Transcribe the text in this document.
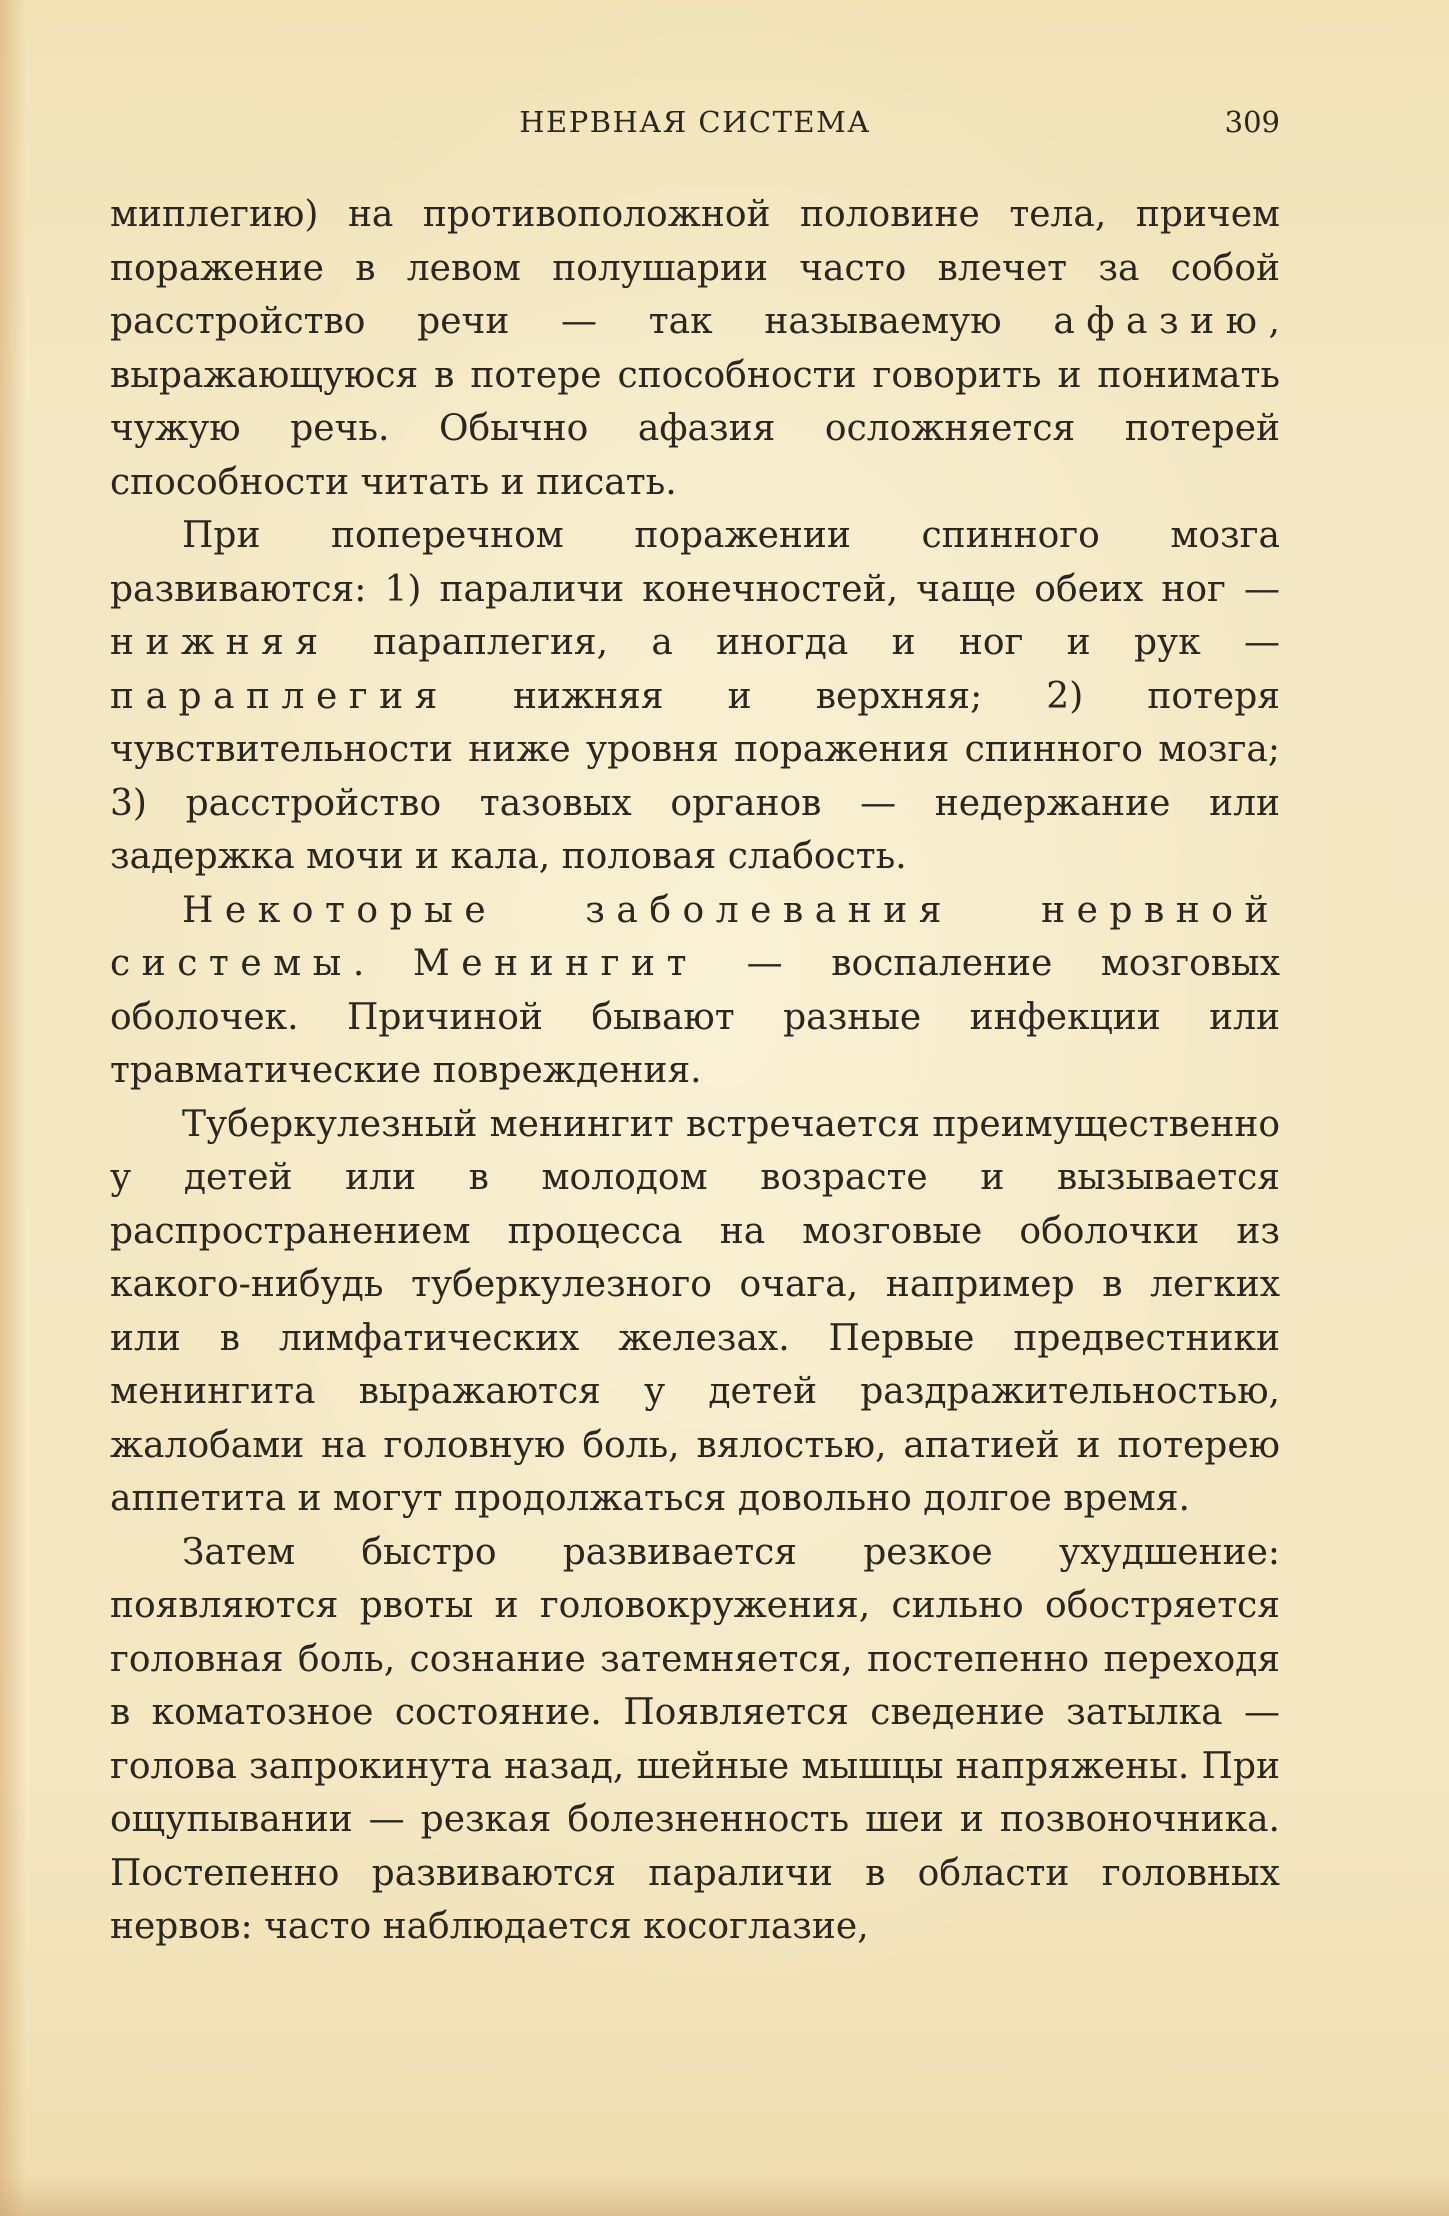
НЕРВНАЯ СИСТЕМА	309

миплегию) на противоположной половине тела, причем поражение в левом полушарии часто влечет за собой расстройство речи — так называемую афазию, выражающуюся в потере способности говорить и понимать чужую речь. Обычно афазия осложняется потерей способности читать и писать.

При поперечном поражении спинного мозга развиваются: 1) параличи конечностей, чаще обеих ног — нижняя параплегия, а иногда и ног и рук — параплегия нижняя и верхняя; 2) потеря чувствительности ниже уровня поражения спинного мозга; 3) расстройство тазовых органов — недержание или задержка мочи и кала, половая слабость.

Некоторые заболевания нервной системы. Менингит — воспаление мозговых оболочек. Причиной бывают разные инфекции или травматические повреждения.

Туберкулезный менингит встречается преимущественно у детей или в молодом возрасте и вызывается распространением процесса на мозговые оболочки из какого-нибудь туберкулезного очага, например в легких или в лимфатических железах. Первые предвестники менингита выражаются у детей раздражительностью, жалобами на головную боль, вялостью, апатией и потерею аппетита и могут продолжаться довольно долгое время.

Затем быстро развивается резкое ухудшение: появляются рвоты и головокружения, сильно обостряется головная боль, сознание затемняется, постепенно переходя в коматозное состояние. Появляется сведение затылка — голова запрокинута назад, шейные мышцы напряжены. При ощупывании — резкая болезненность шеи и позвоночника. Постепенно развиваются параличи в области головных нервов: часто наблюдается косоглазие,
